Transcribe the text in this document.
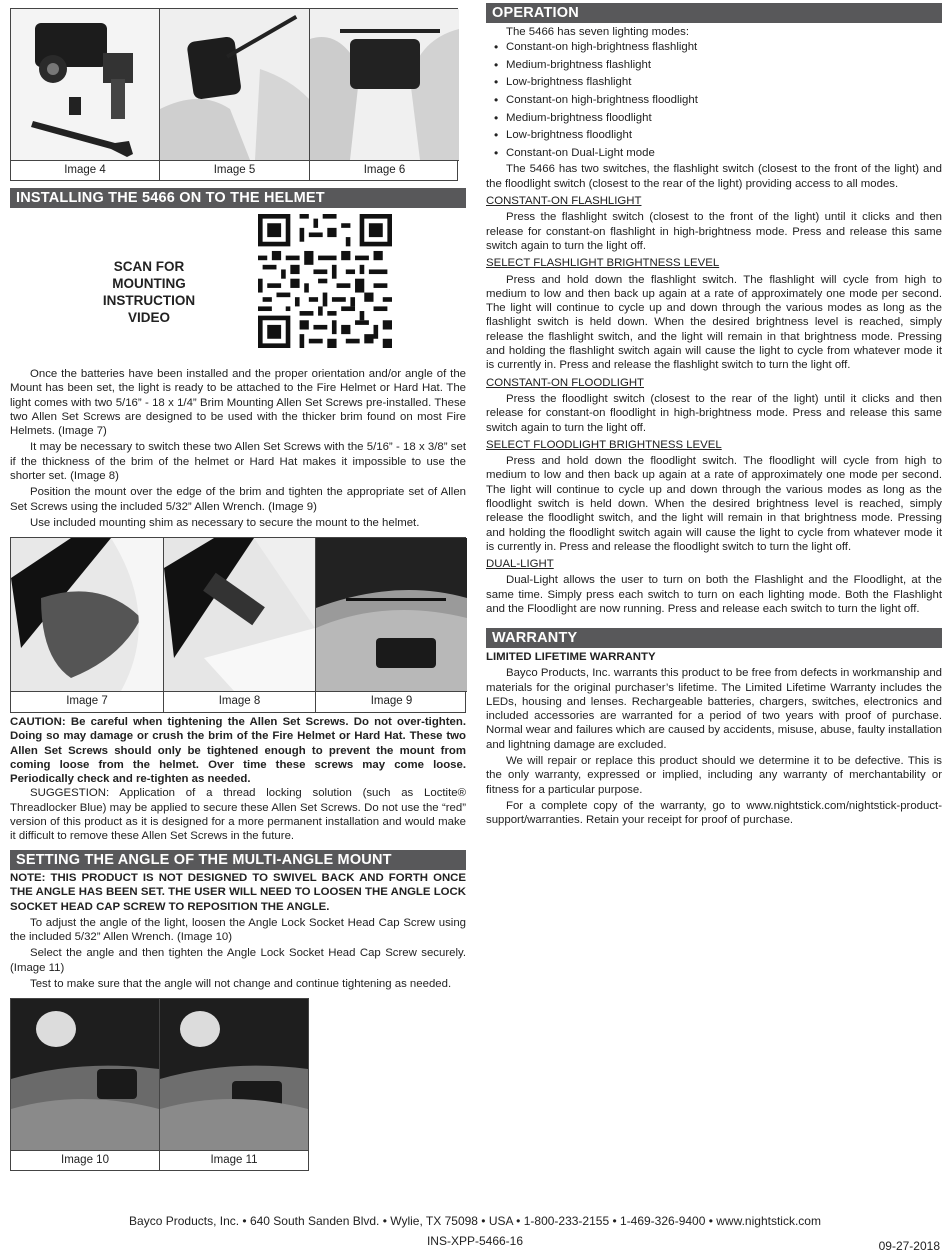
Image 4	Image 5	Image 6
INSTALLING THE 5466 ON TO THE HELMET
SCAN FOR
MOUNTING
INSTRUCTION
VIDEO

Once the batteries have been installed and the proper orientation and/or angle of the Mount has been set, the light is ready to be attached to the Fire Helmet or Hard Hat. The light comes with two 5/16” - 18 x 1/4” Brim Mounting Allen Set Screws pre-installed. These two Allen Set Screws are designed to be used with the thicker brim found on most Fire Helmets. (Image 7)

It may be necessary to switch these two Allen Set Screws with the 5/16” - 18 x 3/8” set if the thickness of the brim of the helmet or Hard Hat makes it impossible to use the shorter set. (Image 8)

Position the mount over the edge of the brim and tighten the appropriate set of Allen Set Screws using the included 5/32” Allen Wrench. (Image 9)

Use included mounting shim as necessary to secure the mount to the helmet.

Image 7	Image 8	Image 9

CAUTION: Be careful when tightening the Allen Set Screws. Do not over-tighten. Doing so may damage or crush the brim of the Fire Helmet or Hard Hat. These two Allen Set Screws should only be tightened enough to prevent the mount from coming loose from the helmet. Over time these screws may come loose. Periodically check and re-tighten as needed.

SUGGESTION: Application of a thread locking solution (such as Loctite® Threadlocker Blue) may be applied to secure these Allen Set Screws. Do not use the “red” version of this product as it is designed for a more permanent installation and would make it difficult to remove these Allen Set Screws in the future.

SETTING THE ANGLE OF THE MULTI-ANGLE MOUNT

NOTE: THIS PRODUCT IS NOT DESIGNED TO SWIVEL BACK AND FORTH ONCE THE ANGLE HAS BEEN SET. THE USER WILL NEED TO LOOSEN THE ANGLE LOCK SOCKET HEAD CAP SCREW TO REPOSITION THE ANGLE.

To adjust the angle of the light, loosen the Angle Lock Socket Head Cap Screw using the included 5/32” Allen Wrench. (Image 10)

Select the angle and then tighten the Angle Lock Socket Head Cap Screw securely. (Image 11)

Test to make sure that the angle will not change and continue tightening as needed.

Image 10	Image 11
OPERATION

The 5466 has seven lighting modes:

• Constant-on high-brightness flashlight
• Medium-brightness flashlight
• Low-brightness flashlight
• Constant-on high-brightness floodlight
• Medium-brightness floodlight
• Low-brightness floodlight
• Constant-on Dual-Light mode

The 5466 has two switches, the flashlight switch (closest to the front of the light) and the floodlight switch (closest to the rear of the light) providing access to all modes.

CONSTANT-ON FLASHLIGHT

Press the flashlight switch (closest to the front of the light) until it clicks and then release for constant-on flashlight in high-brightness mode. Press and release this same switch again to turn the light off.

SELECT FLASHLIGHT BRIGHTNESS LEVEL

Press and hold down the flashlight switch. The flashlight will cycle from high to medium to low and then back up again at a rate of approximately one mode per second. The light will continue to cycle up and down through the various modes as long as the flashlight switch is held down. When the desired brightness level is reached, simply release the flashlight switch, and the light will remain in that brightness mode. Pressing and holding the flashlight switch again will cause the light to cycle from whatever mode it is currently in. Press and release the flashlight switch to turn the light off.

CONSTANT-ON FLOODLIGHT

Press the floodlight switch (closest to the rear of the light) until it clicks and then release for constant-on floodlight in high-brightness mode. Press and release this same switch again to turn the light off.

SELECT FLOODLIGHT BRIGHTNESS LEVEL

Press and hold down the floodlight switch. The floodlight will cycle from high to medium to low and then back up again at a rate of approximately one mode per second. The light will continue to cycle up and down through the various modes as long as the floodlight switch is held down. When the desired brightness level is reached, simply release the floodlight switch, and the light will remain in that brightness mode. Pressing and holding the floodlight switch again will cause the light to cycle from whatever mode it is currently in. Press and release the floodlight switch to turn the light off.

DUAL-LIGHT

Dual-Light allows the user to turn on both the Flashlight and the Floodlight, at the same time. Simply press each switch to turn on each lighting mode. Both the Flashlight and the Floodlight are now running. Press and release each switch to turn the light off.

WARRANTY
LIMITED LIFETIME WARRANTY

Bayco Products, Inc. warrants this product to be free from defects in workmanship and materials for the original purchaser’s lifetime. The Limited Lifetime Warranty includes the LEDs, housing and lenses. Rechargeable batteries, chargers, switches, electronics and included accessories are warranted for a period of two years with proof of purchase. Normal wear and failures which are caused by accidents, misuse, abuse, faulty installation and lightning damage are excluded.

We will repair or replace this product should we determine it to be defective. This is the only warranty, expressed or implied, including any warranty of merchantability or fitness for a particular purpose.

For a complete copy of the warranty, go to www.nightstick.com/nightstick-product-support/warranties. Retain your receipt for proof of purchase.

Bayco Products, Inc. • 640 South Sanden Blvd. • Wylie, TX 75098 • USA • 1-800-233-2155 • 1-469-326-9400 • www.nightstick.com
INS-XPP-5466-16	09-27-2018
